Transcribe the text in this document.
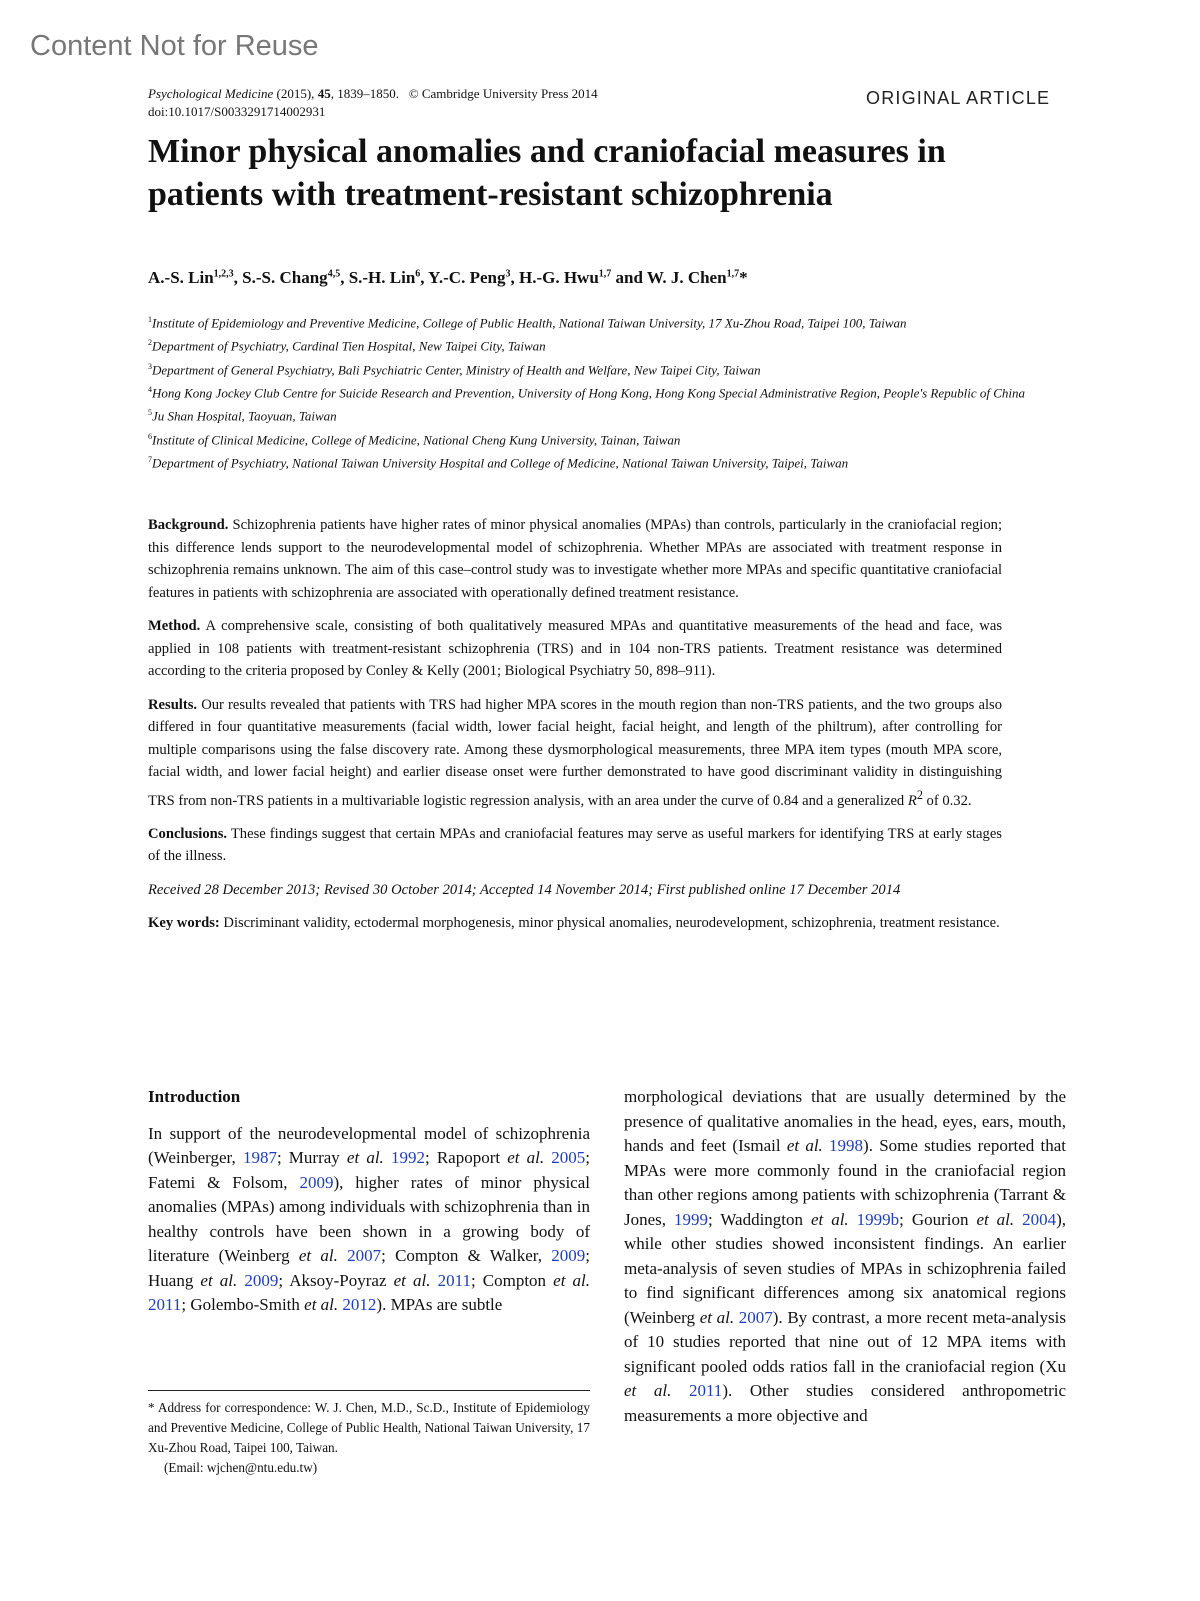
Content Not for Reuse
Psychological Medicine (2015), 45, 1839–1850. © Cambridge University Press 2014
doi:10.1017/S0033291714002931
ORIGINAL ARTICLE
Minor physical anomalies and craniofacial measures in patients with treatment-resistant schizophrenia
A.-S. Lin$^{1,2,3}$, S.-S. Chang$^{4,5}$, S.-H. Lin$^6$, Y.-C. Peng$^3$, H.-G. Hwu$^{1,7}$ and W. J. Chen$^{1,7}$*
$^1$Institute of Epidemiology and Preventive Medicine, College of Public Health, National Taiwan University, 17 Xu-Zhou Road, Taipei 100, Taiwan
$^2$Department of Psychiatry, Cardinal Tien Hospital, New Taipei City, Taiwan
$^3$Department of General Psychiatry, Bali Psychiatric Center, Ministry of Health and Welfare, New Taipei City, Taiwan
$^4$Hong Kong Jockey Club Centre for Suicide Research and Prevention, University of Hong Kong, Hong Kong Special Administrative Region, People's Republic of China
$^5$Ju Shan Hospital, Taoyuan, Taiwan
$^6$Institute of Clinical Medicine, College of Medicine, National Cheng Kung University, Tainan, Taiwan
$^7$Department of Psychiatry, National Taiwan University Hospital and College of Medicine, National Taiwan University, Taipei, Taiwan

Background. Schizophrenia patients have higher rates of minor physical anomalies (MPAs) than controls, particularly in the craniofacial region; this difference lends support to the neurodevelopmental model of schizophrenia. Whether MPAs are associated with treatment response in schizophrenia remains unknown. The aim of this case–control study was to investigate whether more MPAs and specific quantitative craniofacial features in patients with schizophrenia are associated with operationally defined treatment resistance.

Method. A comprehensive scale, consisting of both qualitatively measured MPAs and quantitative measurements of the head and face, was applied in 108 patients with treatment-resistant schizophrenia (TRS) and in 104 non-TRS patients. Treatment resistance was determined according to the criteria proposed by Conley & Kelly (2001; Biological Psychiatry 50, 898–911).

Results. Our results revealed that patients with TRS had higher MPA scores in the mouth region than non-TRS patients, and the two groups also differed in four quantitative measurements (facial width, lower facial height, facial height, and length of the philtrum), after controlling for multiple comparisons using the false discovery rate. Among these dysmorphological measurements, three MPA item types (mouth MPA score, facial width, and lower facial height) and earlier disease onset were further demonstrated to have good discriminant validity in distinguishing TRS from non-TRS patients in a multivariable logistic regression analysis, with an area under the curve of 0.84 and a generalized $R^2$ of 0.32.

Conclusions. These findings suggest that certain MPAs and craniofacial features may serve as useful markers for identifying TRS at early stages of the illness.

Received 28 December 2013; Revised 30 October 2014; Accepted 14 November 2014; First published online 17 December 2014

Key words: Discriminant validity, ectodermal morphogenesis, minor physical anomalies, neurodevelopment, schizophrenia, treatment resistance.

Introduction

In support of the neurodevelopmental model of schizophrenia (Weinberger, 1987; Murray et al. 1992; Rapoport et al. 2005; Fatemi & Folsom, 2009), higher rates of minor physical anomalies (MPAs) among individuals with schizophrenia than in healthy controls have been shown in a growing body of literature (Weinberg et al. 2007; Compton & Walker, 2009; Huang et al. 2009; Aksoy-Poyraz et al. 2011; Compton et al. 2011; Golembo-Smith et al. 2012). MPAs are subtle

morphological deviations that are usually determined by the presence of qualitative anomalies in the head, eyes, ears, mouth, hands and feet (Ismail et al. 1998). Some studies reported that MPAs were more commonly found in the craniofacial region than other regions among patients with schizophrenia (Tarrant & Jones, 1999; Waddington et al. 1999b; Gourion et al. 2004), while other studies showed inconsistent findings. An earlier meta-analysis of seven studies of MPAs in schizophrenia failed to find significant differences among six anatomical regions (Weinberg et al. 2007). By contrast, a more recent meta-analysis of 10 studies reported that nine out of 12 MPA items with significant pooled odds ratios fall in the craniofacial region (Xu et al. 2011). Other studies considered anthropometric measurements a more objective and

* Address for correspondence: W. J. Chen, M.D., Sc.D., Institute of Epidemiology and Preventive Medicine, College of Public Health, National Taiwan University, 17 Xu-Zhou Road, Taipei 100, Taiwan.
(Email: wjchen@ntu.edu.tw)
